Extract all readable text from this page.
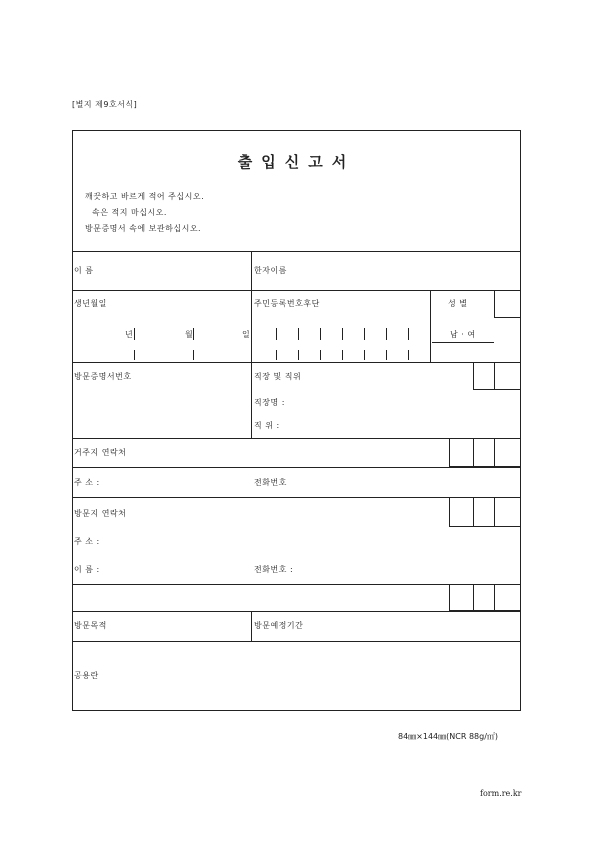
[별지 제9호서식]
출입신고서
깨끗하고 바르게 적어 주십시오.
속은 적지 마십시오.
방문증명서 속에 보관하십시오.
이 름	한자이름
생년월일	주민등록번호후단	성 별
년	월	일	남 · 여
방문증명서번호	직장 및 직위
직장명 :
직 위 :
거주지 연락처
주 소 :	전화번호
방문지 연락처
주 소 :
이 름 :	전화번호 :
방문목적	방문예정기간
공용란
84㎜×144㎜(NCR 88g/㎡)
form.re.kr
